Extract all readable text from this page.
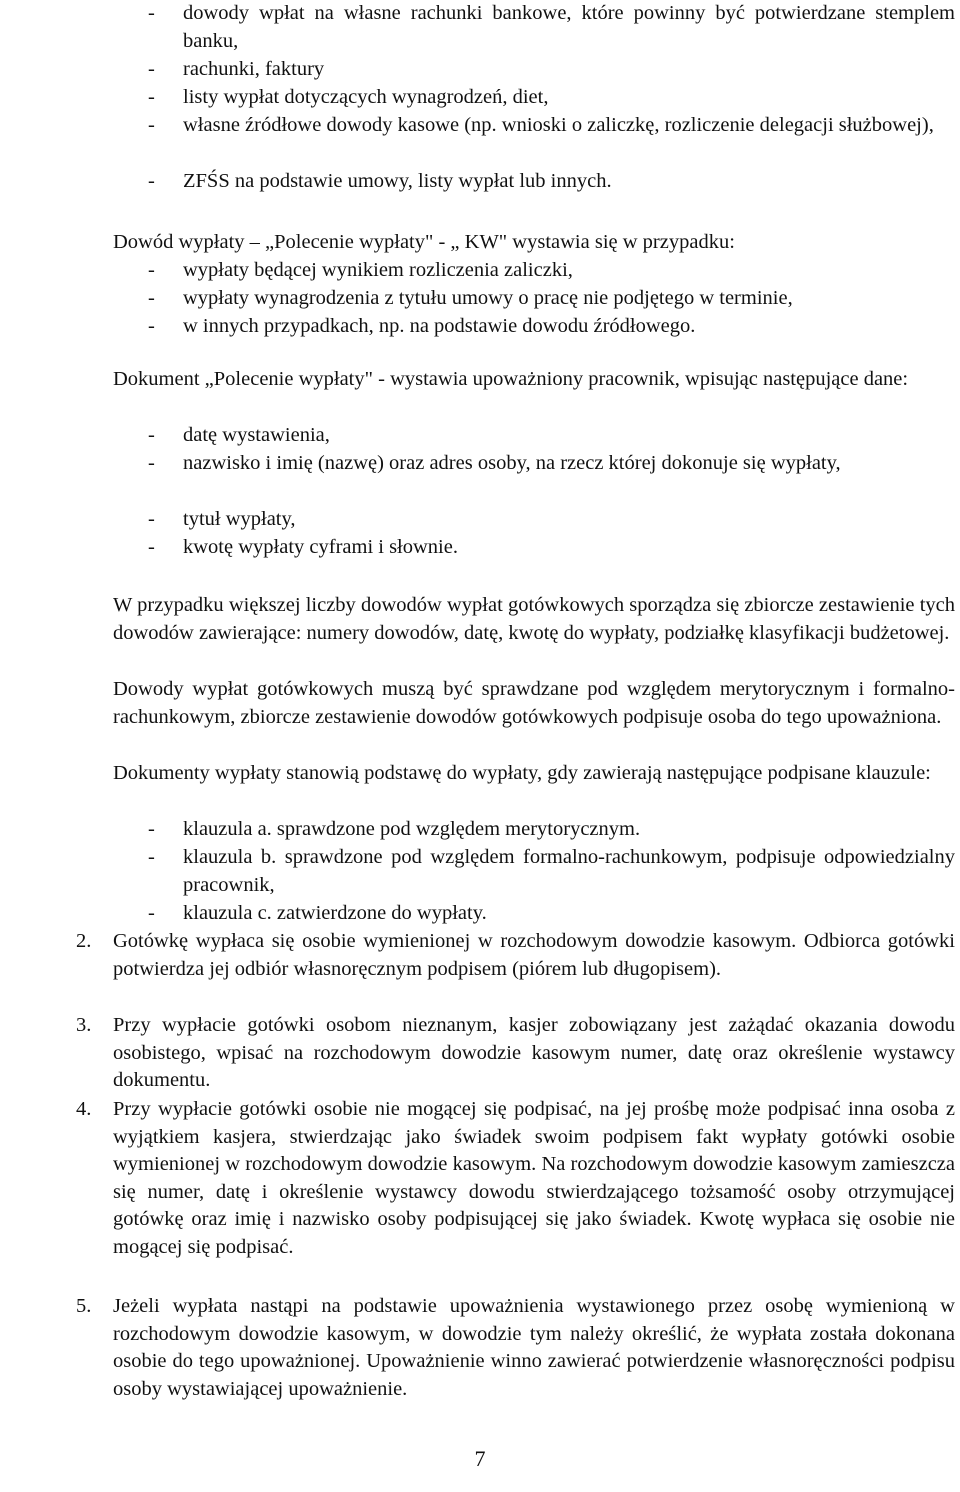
- dowody wpłat na własne rachunki bankowe, które powinny być potwierdzane stemplem banku,
- rachunki, faktury
- listy wypłat dotyczących wynagrodzeń, diet,
- własne źródłowe dowody kasowe (np. wnioski o zaliczkę, rozliczenie delegacji służbowej),
- ZFŚS na podstawie umowy, listy wypłat lub innych.
Dowód wypłaty – „Polecenie wypłaty" - „ KW" wystawia się w przypadku:
- wypłaty będącej wynikiem rozliczenia zaliczki,
- wypłaty wynagrodzenia z tytułu umowy o pracę nie podjętego w terminie,
- w innych przypadkach, np. na podstawie dowodu źródłowego.
Dokument „Polecenie wypłaty" - wystawia upoważniony pracownik, wpisując następujące dane:
- datę wystawienia,
- nazwisko i imię (nazwę) oraz adres osoby, na rzecz której dokonuje się wypłaty,
- tytuł wypłaty,
- kwotę wypłaty cyframi i słownie.
W przypadku większej liczby dowodów wypłat gotówkowych sporządza się zbiorcze zestawienie tych dowodów zawierające: numery dowodów, datę, kwotę do wypłaty, podziałkę klasyfikacji budżetowej.
Dowody wypłat gotówkowych muszą być sprawdzane pod względem merytorycznym i formalno-rachunkowym, zbiorcze zestawienie dowodów gotówkowych podpisuje osoba do tego upoważniona.
Dokumenty wypłaty stanowią podstawę do wypłaty, gdy zawierają następujące podpisane klauzule:
- klauzula a. sprawdzone pod względem merytorycznym.
- klauzula b. sprawdzone pod względem formalno-rachunkowym, podpisuje odpowiedzialny pracownik,
- klauzula c. zatwierdzone do wypłaty.
2. Gotówkę wypłaca się osobie wymienionej w rozchodowym dowodzie kasowym. Odbiorca gotówki potwierdza jej odbiór własnoręcznym podpisem (piórem lub długopisem).
3. Przy wypłacie gotówki osobom nieznanym, kasjer zobowiązany jest zażądać okazania dowodu osobistego, wpisać na rozchodowym dowodzie kasowym numer, datę oraz określenie wystawcy dokumentu.
4. Przy wypłacie gotówki osobie nie mogącej się podpisać, na jej prośbę może podpisać inna osoba z wyjątkiem kasjera, stwierdzając jako świadek swoim podpisem fakt wypłaty gotówki osobie wymienionej w rozchodowym dowodzie kasowym. Na rozchodowym dowodzie kasowym zamieszcza się numer, datę i określenie wystawcy dowodu stwierdzającego tożsamość osoby otrzymującej gotówkę oraz imię i nazwisko osoby podpisującej się jako świadek. Kwotę wypłaca się osobie nie mogącej się podpisać.
5. Jeżeli wypłata nastąpi na podstawie upoważnienia wystawionego przez osobę wymienioną w rozchodowym dowodzie kasowym, w dowodzie tym należy określić, że wypłata została dokonana osobie do tego upoważnionej. Upoważnienie winno zawierać potwierdzenie własnoręczności podpisu osoby wystawiającej upoważnienie.
7
